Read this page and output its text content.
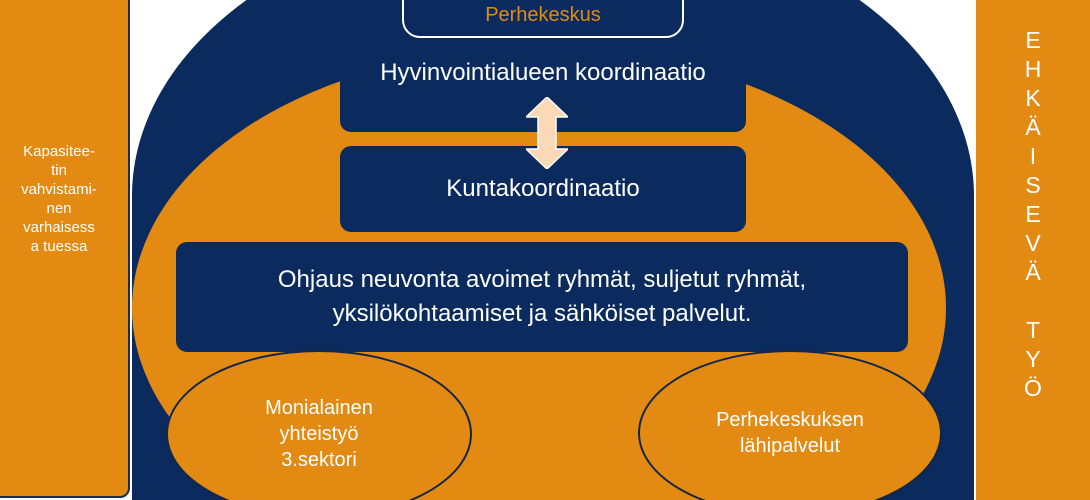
Kapasitee-
tin
vahvistami-
nen
varhaisess
a tuessa
E
H
K
Ä
I
S
E
V
Ä

T
Y
Ö
Perhekeskus
Hyvinvointialueen koordinaatio
Kuntakoordinaatio
Ohjaus neuvonta avoimet ryhmät, suljetut ryhmät,
yksilökohtaamiset ja sähköiset palvelut.
Monialainen
yhteistyö
3.sektori
Perhekeskuksen
lähipalvelut
